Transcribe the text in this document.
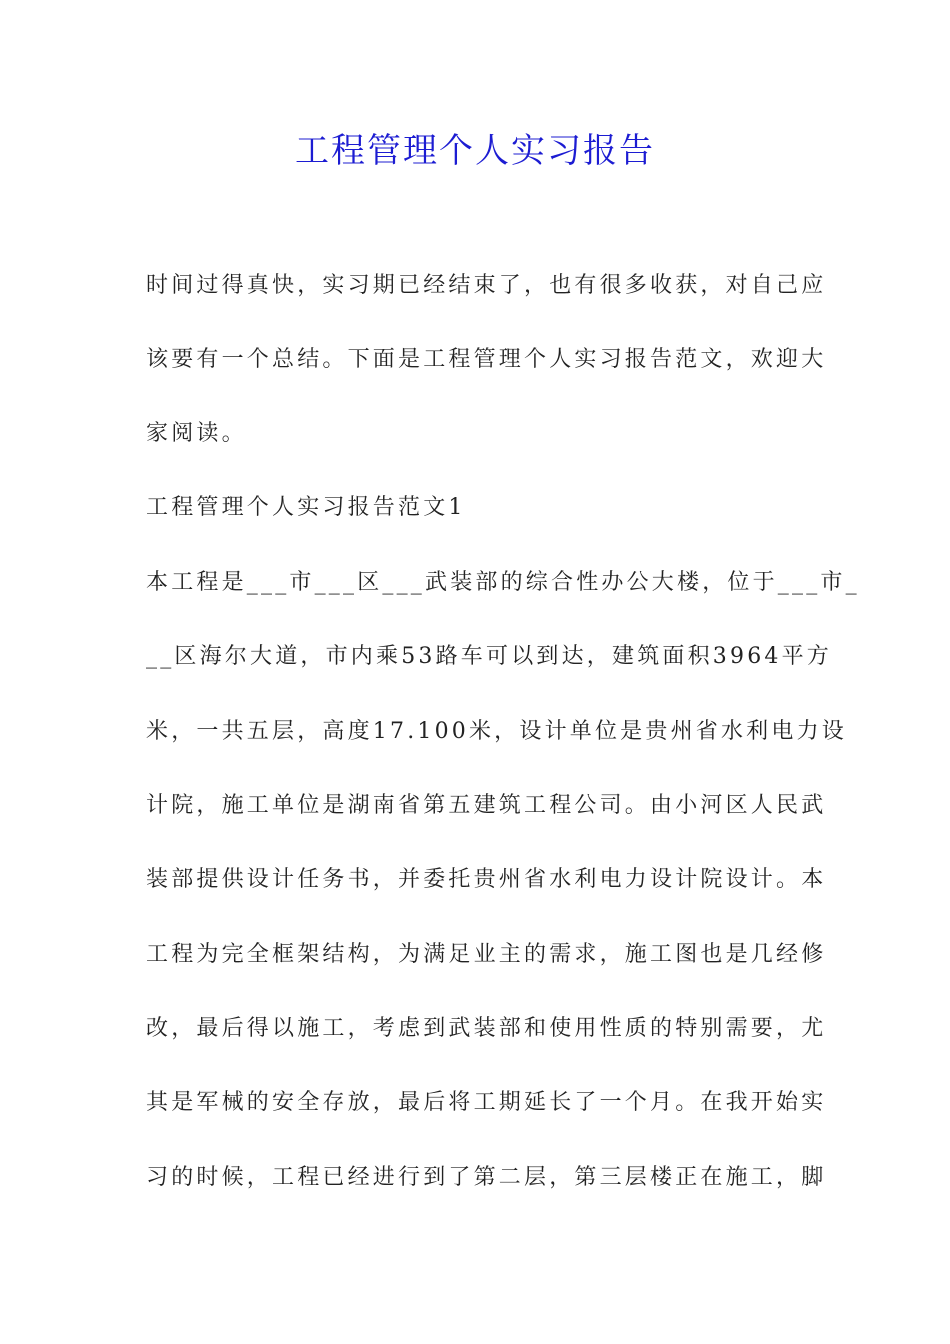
工程管理个人实习报告
时间过得真快，实习期已经结束了，也有很多收获，对自己应
该要有一个总结。下面是工程管理个人实习报告范文，欢迎大
家阅读。
工程管理个人实习报告范文1
本工程是___市___区___武装部的综合性办公大楼，位于___市_
__区海尔大道，市内乘53路车可以到达，建筑面积3964平方
米，一共五层，高度17.100米，设计单位是贵州省水利电力设
计院，施工单位是湖南省第五建筑工程公司。由小河区人民武
装部提供设计任务书，并委托贵州省水利电力设计院设计。本
工程为完全框架结构，为满足业主的需求，施工图也是几经修
改，最后得以施工，考虑到武装部和使用性质的特别需要，尤
其是军械的安全存放，最后将工期延长了一个月。在我开始实
习的时候，工程已经进行到了第二层，第三层楼正在施工，脚
